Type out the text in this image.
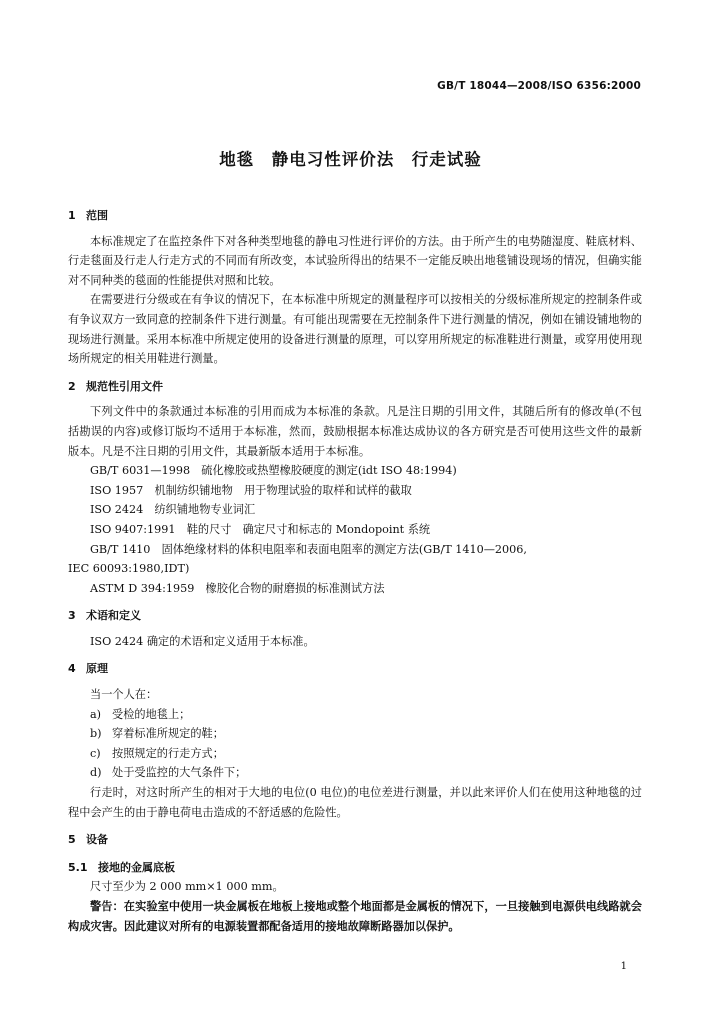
GB/T 18044—2008/ISO 6356:2000
地毯　静电习性评价法　行走试验
1 范围

本标准规定了在监控条件下对各种类型地毯的静电习性进行评价的方法。由于所产生的电势随湿度、鞋底材料、行走毯面及行走人行走方式的不同而有所改变，本试验所得出的结果不一定能反映出地毯铺设现场的情况，但确实能对不同种类的毯面的性能提供对照和比较。

在需要进行分级或在有争议的情况下，在本标准中所规定的测量程序可以按相关的分级标准所规定的控制条件或有争议双方一致同意的控制条件下进行测量。有可能出现需要在无控制条件下进行测量的情况，例如在铺设铺地物的现场进行测量。采用本标准中所规定使用的设备进行测量的原理，可以穿用所规定的标准鞋进行测量，或穿用使用现场所规定的相关用鞋进行测量。

2 规范性引用文件

下列文件中的条款通过本标准的引用而成为本标准的条款。凡是注日期的引用文件，其随后所有的修改单(不包括勘误的内容)或修订版均不适用于本标准，然而，鼓励根据本标准达成协议的各方研究是否可使用这些文件的最新版本。凡是不注日期的引用文件，其最新版本适用于本标准。

GB/T 6031—1998　硫化橡胶或热塑橡胶硬度的测定(idt ISO 48:1994)

ISO 1957　机制纺织铺地物　用于物理试验的取样和试样的截取

ISO 2424　纺织铺地物专业词汇

ISO 9407:1991　鞋的尺寸　确定尺寸和标志的 Mondopoint 系统

GB/T 1410　固体绝缘材料的体积电阻率和表面电阻率的测定方法(GB/T 1410—2006,
IEC 60093:1980,IDT)

ASTM D 394:1959　橡胶化合物的耐磨损的标准测试方法

3 术语和定义

ISO 2424 确定的术语和定义适用于本标准。

4 原理

当一个人在：

a) 受检的地毯上；

b) 穿着标准所规定的鞋；

c) 按照规定的行走方式；

d) 处于受监控的大气条件下；

行走时，对这时所产生的相对于大地的电位(0 电位)的电位差进行测量，并以此来评价人们在使用这种地毯的过程中会产生的由于静电荷电击造成的不舒适感的危险性。

5 设备
5.1 接地的金属底板

尺寸至少为 2 000 mm×1 000 mm。

警告：在实验室中使用一块金属板在地板上接地或整个地面都是金属板的情况下，一旦接触到电源供电线路就会构成灾害。因此建议对所有的电源装置都配备适用的接地故障断路器加以保护。

1
